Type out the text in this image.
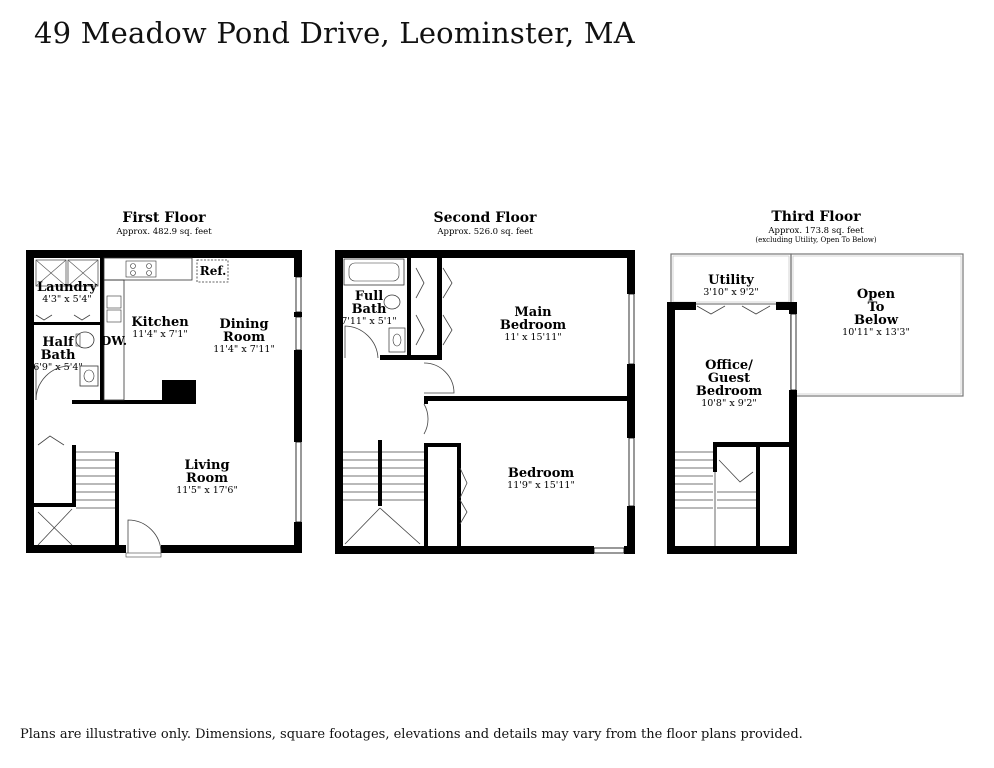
49 Meadow Pond Drive, Leominster, MA
First Floor
Approx. 482.9 sq. feet
Laundry
4'3" x 5'4"
Half
Bath
6'9" x 5'4"
DW.
Ref.
Kitchen
11'4" x 7'1"
Dining
Room
11'4" x 7'11"
Living
Room
11'5" x 17'6"
Second Floor
Approx. 526.0 sq. feet
Full
Bath
7'11" x 5'1"
Main
Bedroom
11' x 15'11"
Bedroom
11'9" x 15'11"
Third Floor
Approx. 173.8 sq. feet
(excluding Utility, Open To Below)
Utility
3'10" x 9'2"
Office/
Guest
Bedroom
10'8" x 9'2"
Open
To
Below
10'11" x 13'3"
Plans are illustrative only. Dimensions, square footages, elevations and details may vary from the floor plans provided.
